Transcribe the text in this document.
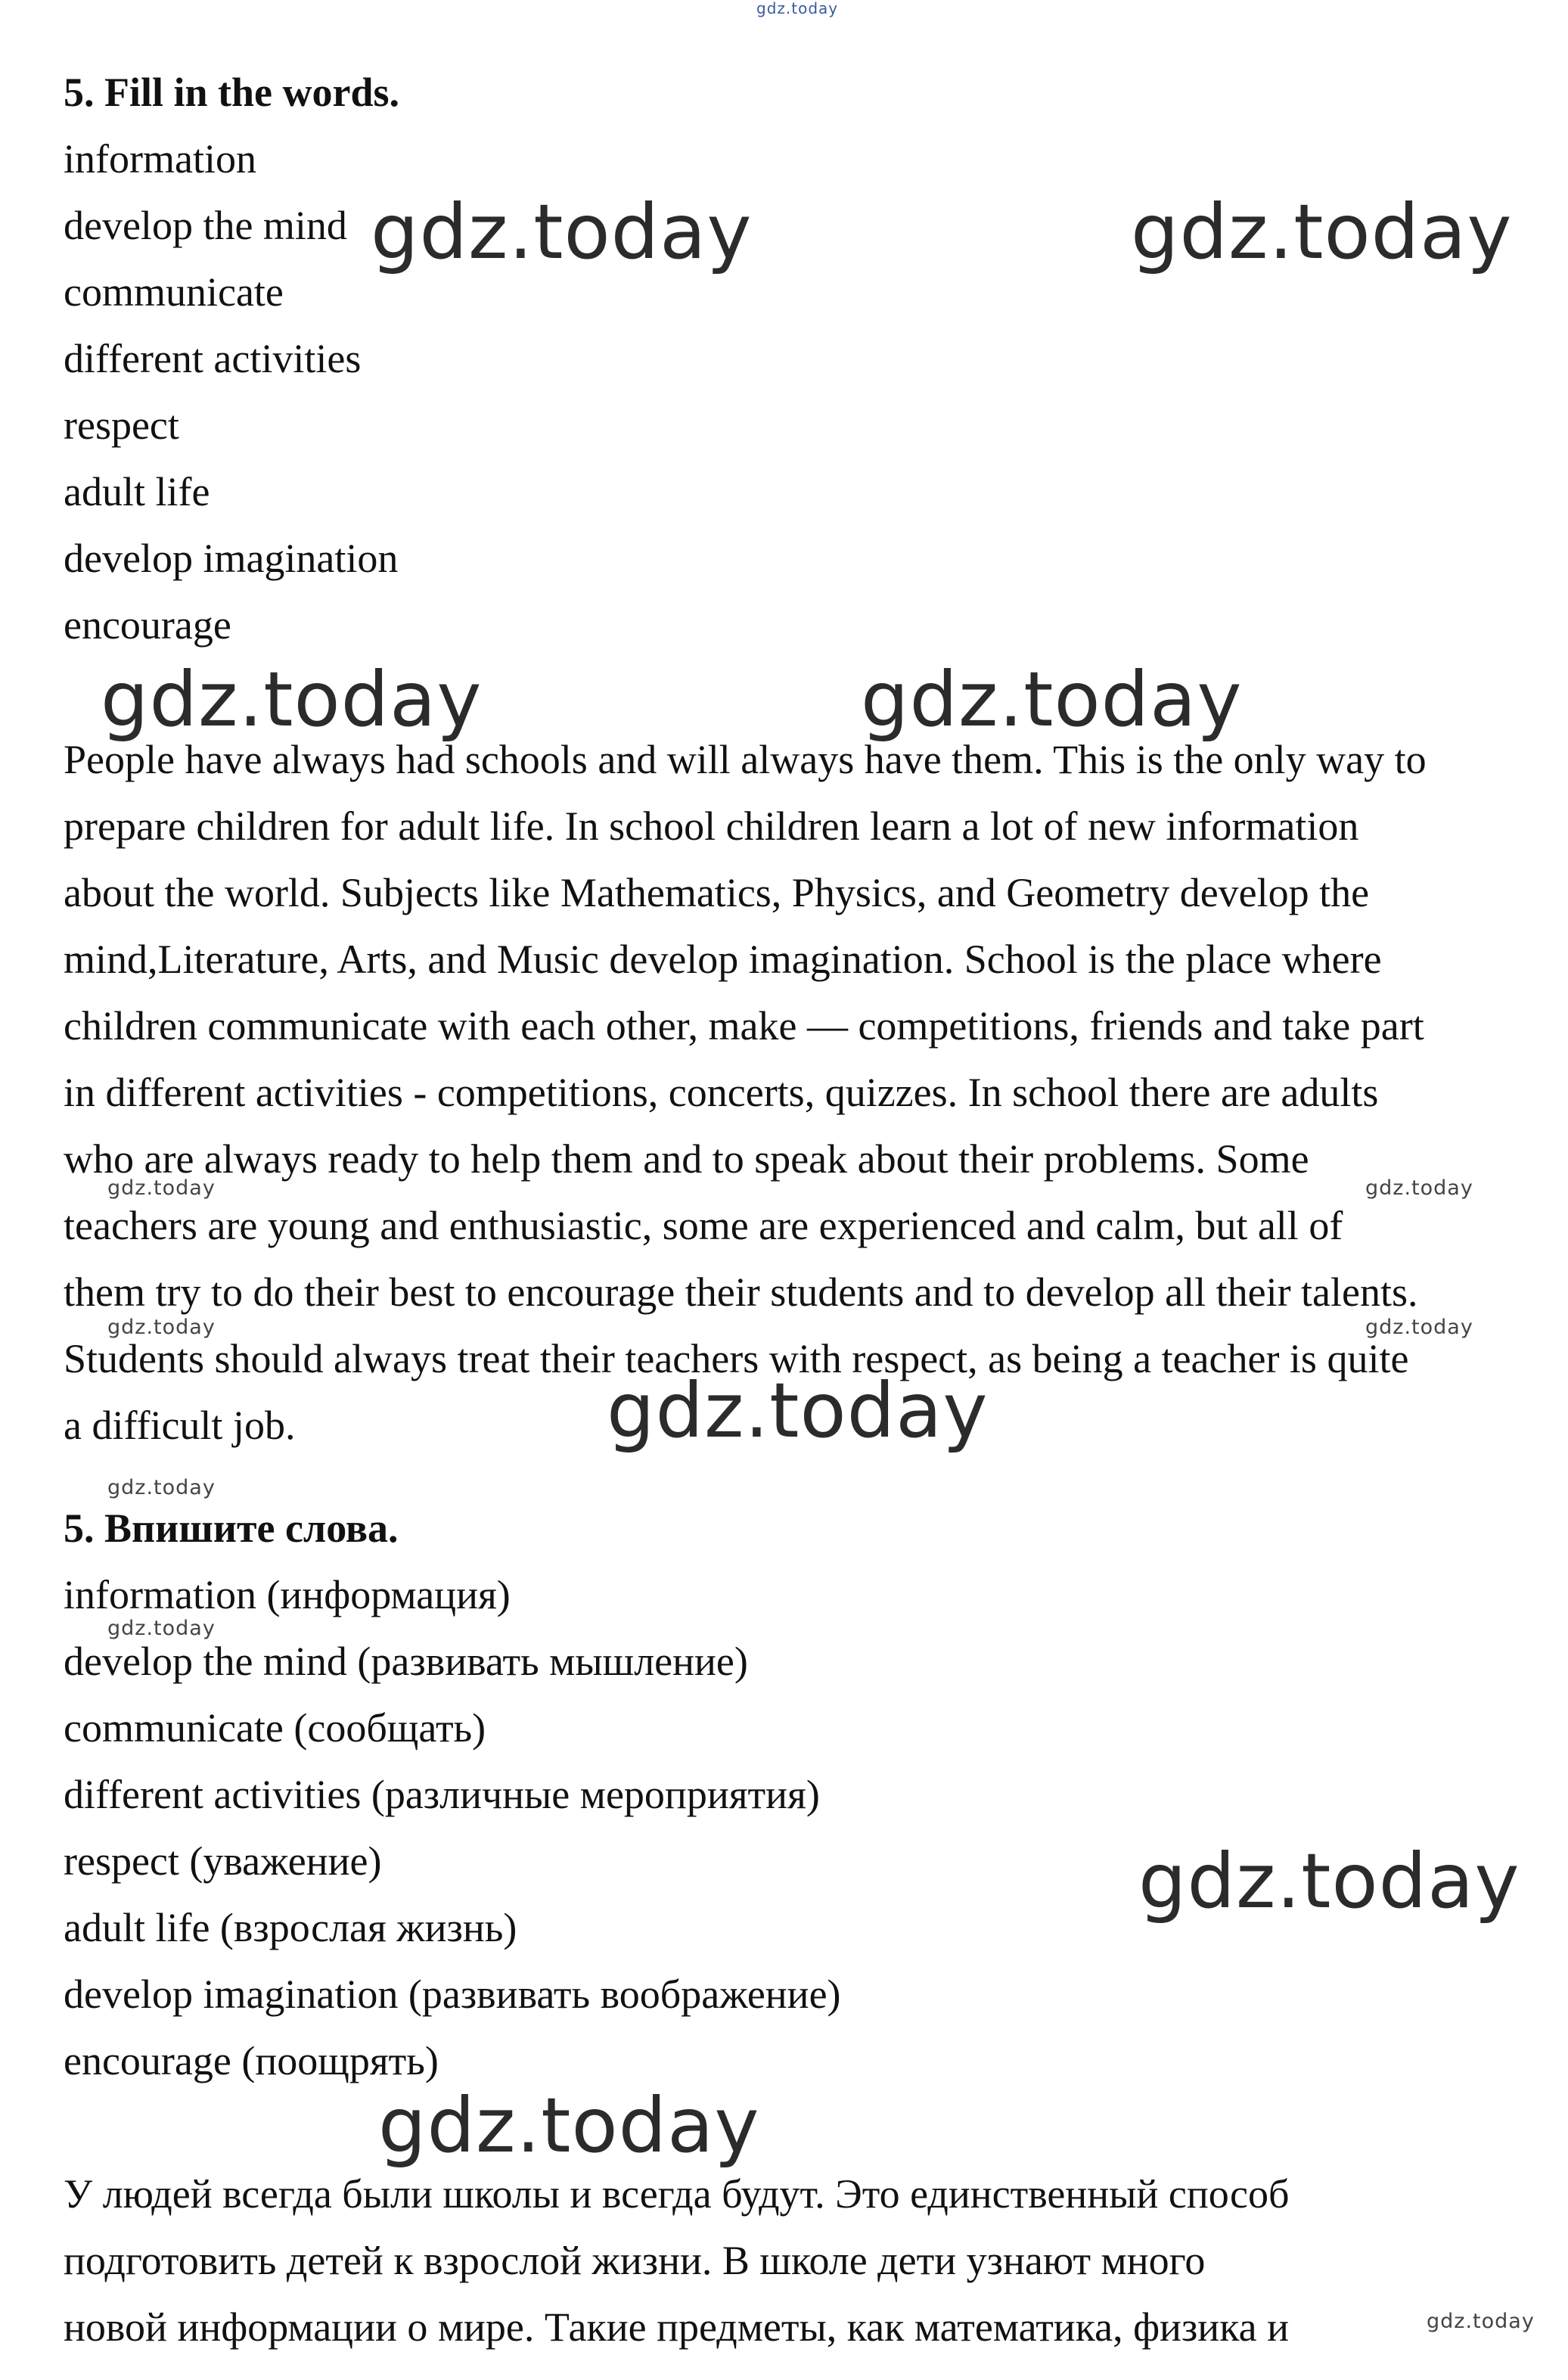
gdz.today
5. Fill in the words.
information
develop the mind
communicate
different activities
respect
adult life
develop imagination
encourage
People have always had schools and will always have them. This is the only way to
prepare children for adult life. In school children learn a lot of new information
about the world. Subjects like Mathematics, Physics, and Geometry develop the
mind,Literature, Arts, and Music develop imagination. School is the place where
children communicate with each other, make — competitions, friends and take part
in different activities - competitions, concerts, quizzes. In school there are adults
who are always ready to help them and to speak about their problems. Some
teachers are young and enthusiastic, some are experienced and calm, but all of
them try to do their best to encourage their students and to develop all their talents.
Students should always treat their teachers with respect, as being a teacher is quite
a difficult job.
5. Впишите слова.
information (информация)
develop the mind (развивать мышление)
communicate (сообщать)
different activities (различные мероприятия)
respect (уважение)
adult life (взрослая жизнь)
develop imagination (развивать воображение)
encourage (поощрять)
У людей всегда были школы и всегда будут. Это единственный способ
подготовить детей к взрослой жизни. В школе дети узнают много
новой информации о мире. Такие предметы, как математика, физика и
gdz.today	gdz.today
gdz.today	gdz.today
gdz.today
gdz.today
gdz.today
gdz.today	gdz.today
gdz.today	gdz.today
gdz.today
gdz.today
gdz.today
